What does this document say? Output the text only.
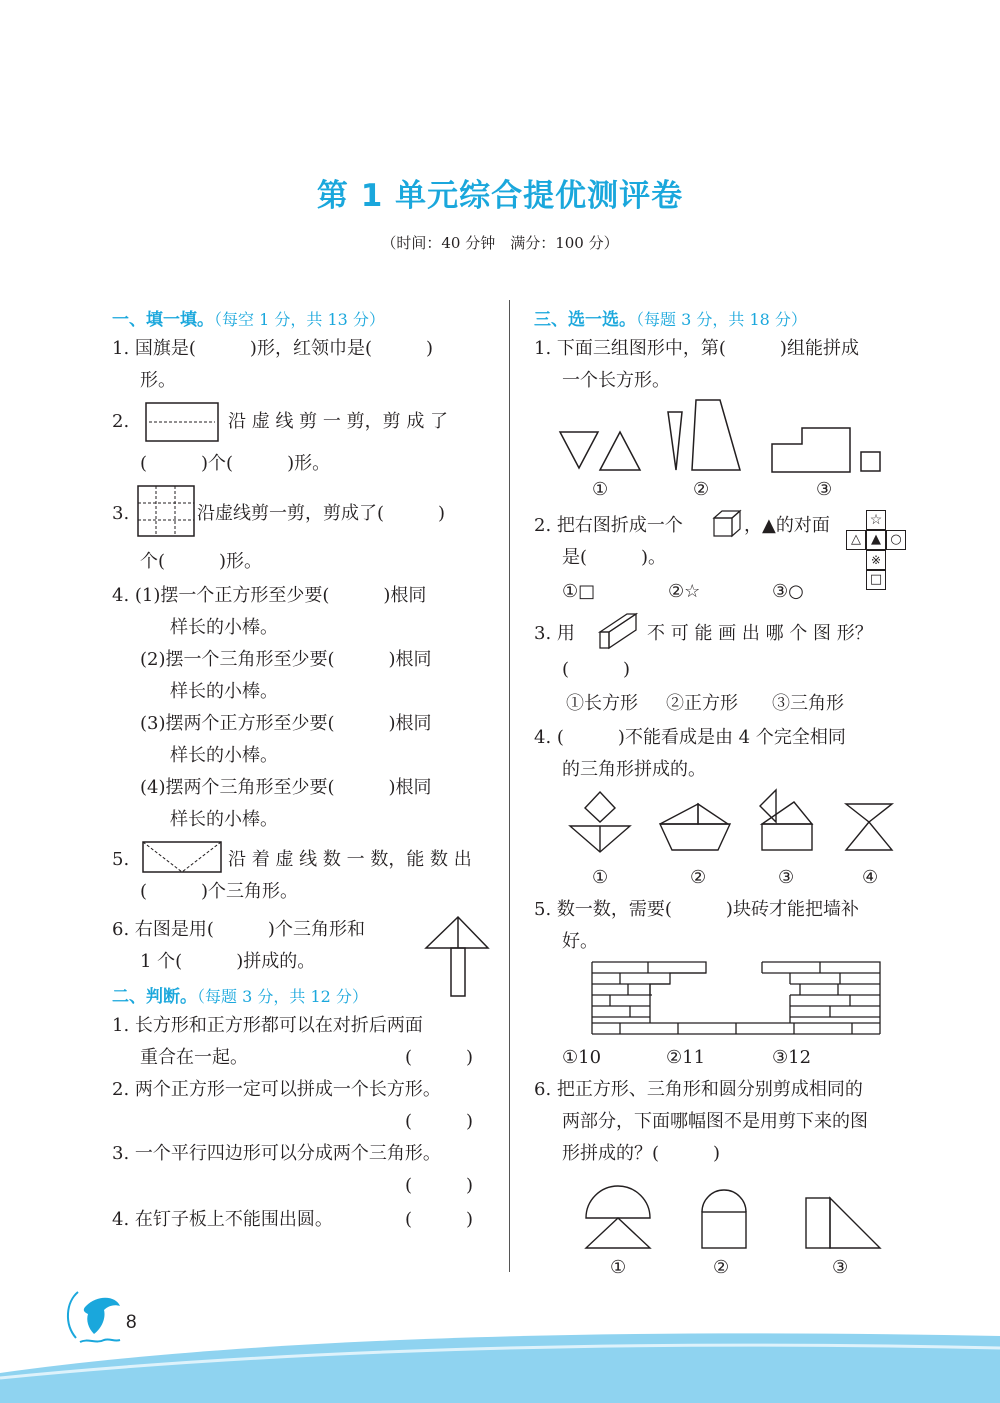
第 1 单元综合提优测评卷
（时间：40 分钟　满分：100 分）
一、填一填。（每空 1 分，共 13 分）
1. 国旗是(　　　)形，红领巾是(　　　)
形。
2.	沿 虚 线 剪 一 剪，剪 成 了
(　　　)个(　　　)形。
3.	沿虚线剪一剪，剪成了(　　　)
个(　　　)形。
4. (1)摆一个正方形至少要(　　　)根同
样长的小棒。
(2)摆一个三角形至少要(　　　)根同
样长的小棒。
(3)摆两个正方形至少要(　　　)根同
样长的小棒。
(4)摆两个三角形至少要(　　　)根同
样长的小棒。
5.	沿 着 虚 线 数 一 数，能 数 出
(　　　)个三角形。
6. 右图是用(　　　)个三角形和
1 个(　　　)拼成的。
二、判断。（每题 3 分，共 12 分）
1. 长方形和正方形都可以在对折后两面
重合在一起。	(　　　)
2. 两个正方形一定可以拼成一个长方形。
(　　　)
3. 一个平行四边形可以分成两个三角形。
(　　　)
4. 在钉子板上不能围出圆。	(　　　)
三、选一选。（每题 3 分，共 18 分）
1. 下面三组图形中，第(　　　)组能拼成
一个长方形。
①	②	③
2. 把右图折成一个	，▲的对面
是(　　　)。
①□	②☆	③○
☆
△ ▲ ○
※
□
3. 用	不 可 能 画 出 哪 个 图 形？
(　　　)
①长方形 ②正方形 ③三角形
4. (　　　)不能看成是由 4 个完全相同
的三角形拼成的。
①	②	③	④
5. 数一数，需要(　　　)块砖才能把墙补
好。
①10	②11	③12
6. 把正方形、三角形和圆分别剪成相同的
两部分，下面哪幅图不是用剪下来的图
形拼成的？(　　　)
①	②	③
8
